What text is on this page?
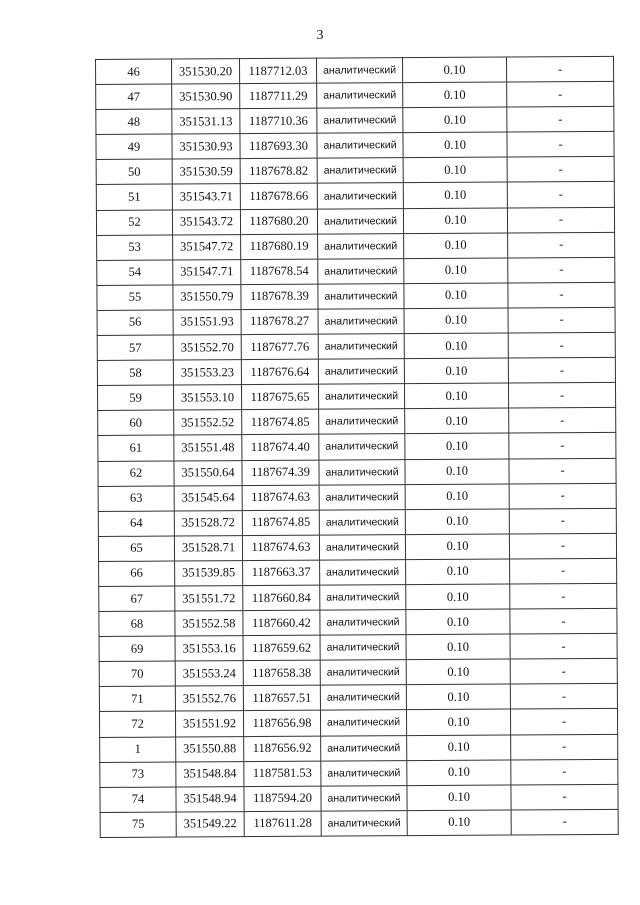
3
46	351530.20	1187712.03	аналитический	0.10	-
47	351530.90	1187711.29	аналитический	0.10	-
48	351531.13	1187710.36	аналитический	0.10	-
49	351530.93	1187693.30	аналитический	0.10	-
50	351530.59	1187678.82	аналитический	0.10	-
51	351543.71	1187678.66	аналитический	0.10	-
52	351543.72	1187680.20	аналитический	0.10	-
53	351547.72	1187680.19	аналитический	0.10	-
54	351547.71	1187678.54	аналитический	0.10	-
55	351550.79	1187678.39	аналитический	0.10	-
56	351551.93	1187678.27	аналитический	0.10	-
57	351552.70	1187677.76	аналитический	0.10	-
58	351553.23	1187676.64	аналитический	0.10	-
59	351553.10	1187675.65	аналитический	0.10	-
60	351552.52	1187674.85	аналитический	0.10	-
61	351551.48	1187674.40	аналитический	0.10	-
62	351550.64	1187674.39	аналитический	0.10	-
63	351545.64	1187674.63	аналитический	0.10	-
64	351528.72	1187674.85	аналитический	0.10	-
65	351528.71	1187674.63	аналитический	0.10	-
66	351539.85	1187663.37	аналитический	0.10	-
67	351551.72	1187660.84	аналитический	0.10	-
68	351552.58	1187660.42	аналитический	0.10	-
69	351553.16	1187659.62	аналитический	0.10	-
70	351553.24	1187658.38	аналитический	0.10	-
71	351552.76	1187657.51	аналитический	0.10	-
72	351551.92	1187656.98	аналитический	0.10	-
1	351550.88	1187656.92	аналитический	0.10	-
73	351548.84	1187581.53	аналитический	0.10	-
74	351548.94	1187594.20	аналитический	0.10	-
75	351549.22	1187611.28	аналитический	0.10	-
